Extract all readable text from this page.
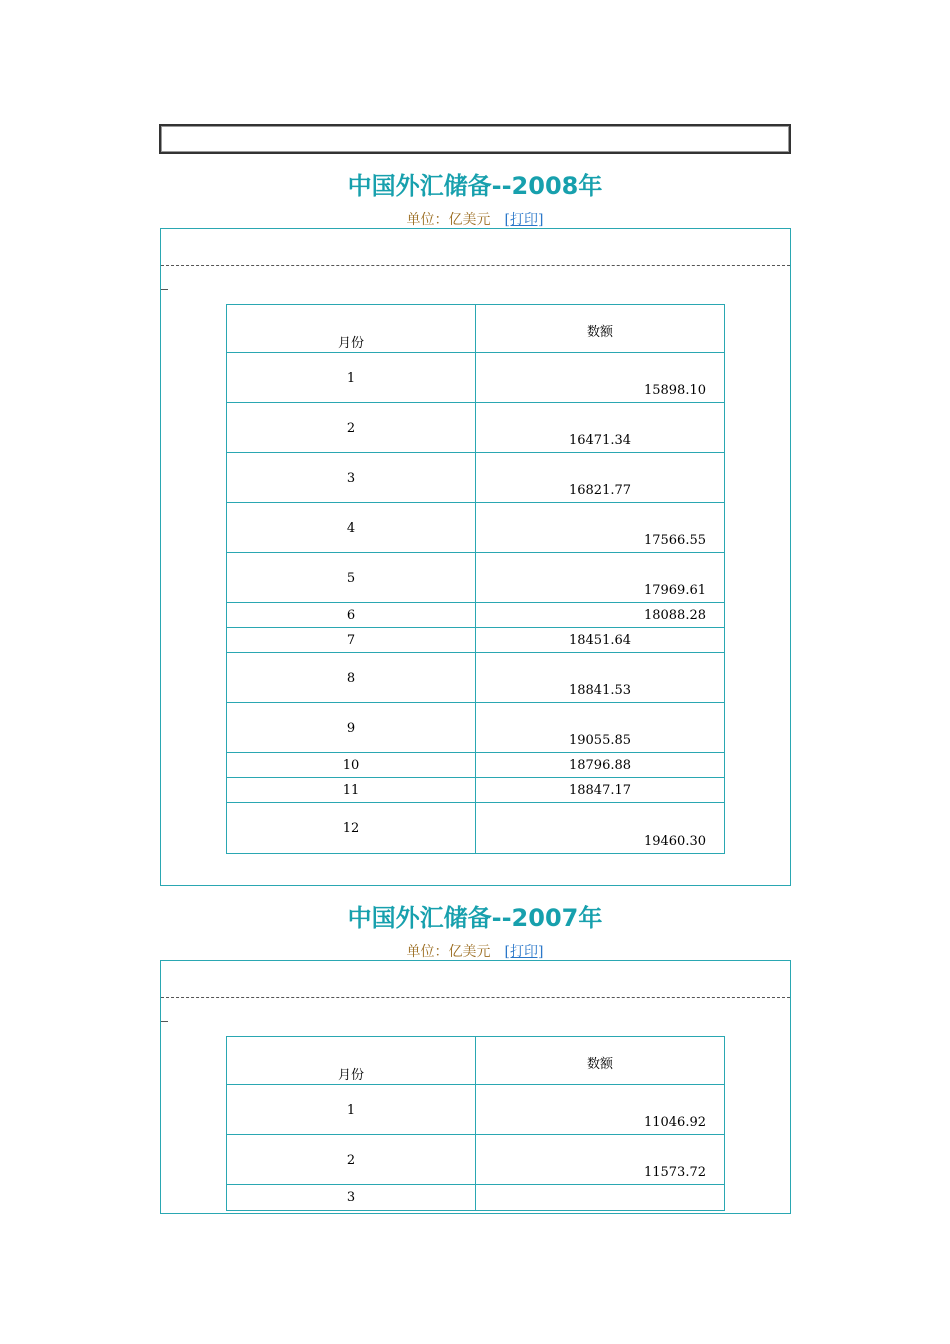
中国外汇储备--2008年
单位：亿美元 [打印]
月份	数额

1	15898.10

2	16471.34

3	16821.77

4	17566.55

5	17969.61

6	18088.28

7	18451.64

8	18841.53

9	19055.85

10	18796.88

11	18847.17

12	19460.30
中国外汇储备--2007年
单位：亿美元 [打印]
月份	数额

1	11046.92

2	11573.72

3	
